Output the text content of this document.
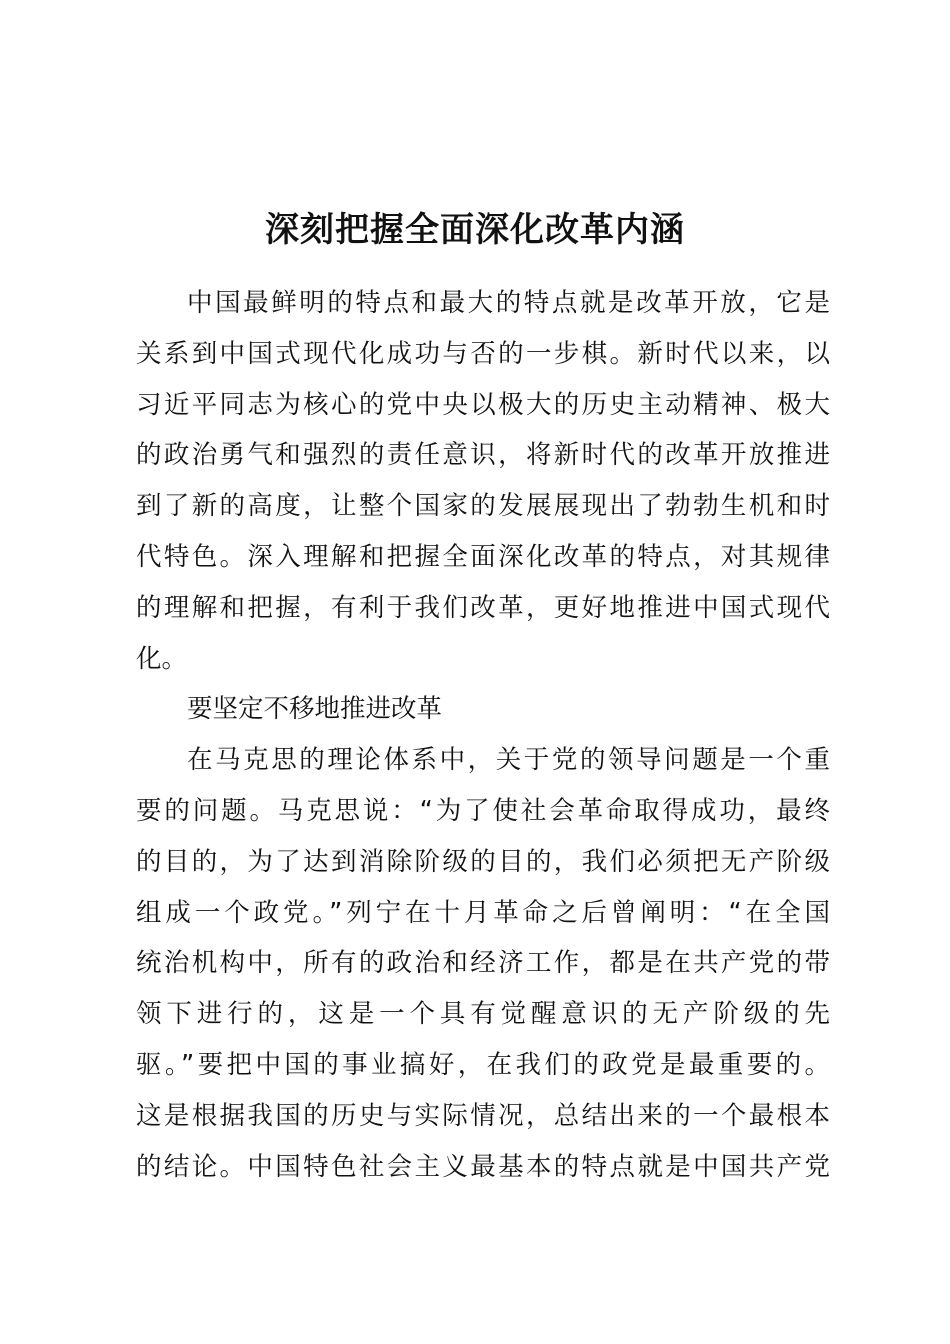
深刻把握全面深化改革内涵
中国最鲜明的特点和最大的特点就是改革开放，它是
关系到中国式现代化成功与否的一步棋。新时代以来，以
习近平同志为核心的党中央以极大的历史主动精神、极大
的政治勇气和强烈的责任意识，将新时代的改革开放推进
到了新的高度，让整个国家的发展展现出了勃勃生机和时
代特色。深入理解和把握全面深化改革的特点，对其规律
的理解和把握，有利于我们改革，更好地推进中国式现代
化。
要坚定不移地推进改革
在马克思的理论体系中，关于党的领导问题是一个重
要的问题。马克思说：“为了使社会革命取得成功，最终
的目的，为了达到消除阶级的目的，我们必须把无产阶级
组成一个政党。”列宁在十月革命之后曾阐明：“在全国
统治机构中，所有的政治和经济工作，都是在共产党的带
领下进行的，这是一个具有觉醒意识的无产阶级的先
驱。”要把中国的事业搞好，在我们的政党是最重要的。
这是根据我国的历史与实际情况，总结出来的一个最根本
的结论。中国特色社会主义最基本的特点就是中国共产党
